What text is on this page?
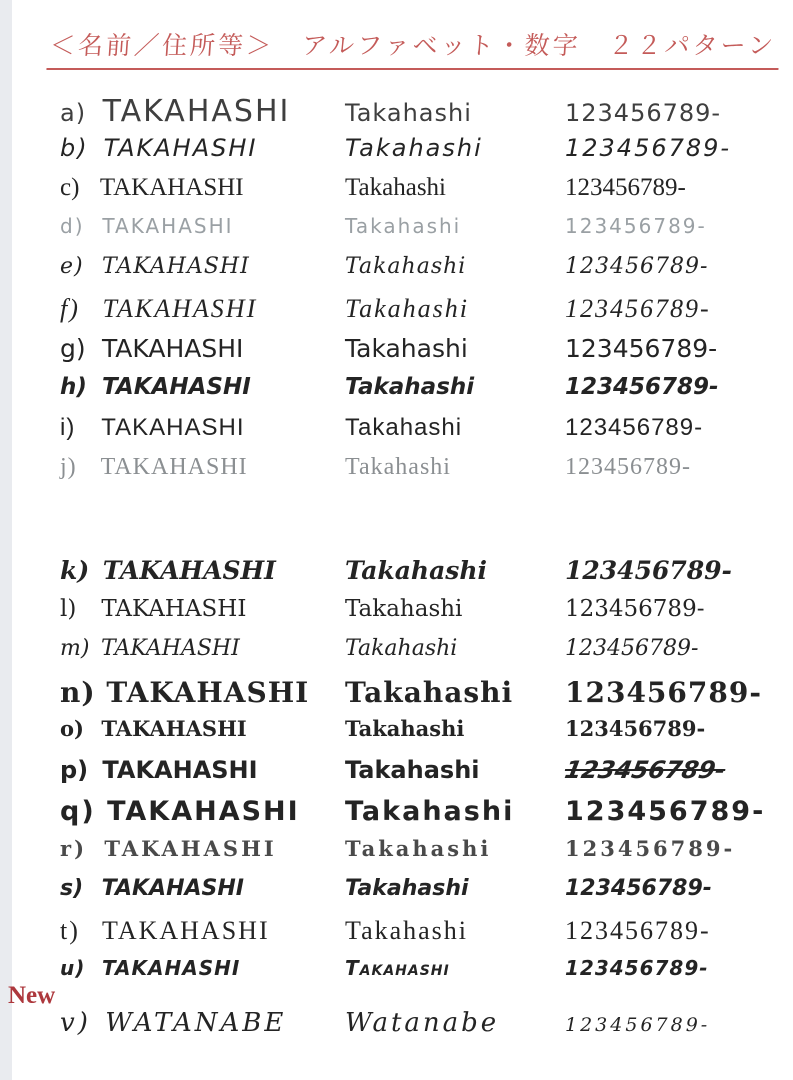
＜名前／住所等＞　アルファベット・数字　２２パターン
a) TAKAHASHI	Takahashi	123456789-
b) TAKAHASHI	Takahashi	123456789-
c) TAKAHASHI	Takahashi	123456789-
d) TAKAHASHI	Takahashi	123456789-
e) TAKAHASHI	Takahashi	123456789-
f) TAKAHASHI	Takahashi	123456789-
g) TAKAHASHI	Takahashi	123456789-
h) TAKAHASHI	Takahashi	123456789-
i) TAKAHASHI	Takahashi	123456789-
j) TAKAHASHI	Takahashi	123456789-
k) TAKAHASHI	Takahashi	123456789-
l) TAKAHASHI	Takahashi	123456789-
m) TAKAHASHI	Takahashi	123456789-
n) TAKAHASHI	Takahashi	123456789-
o) TAKAHASHI	Takahashi	123456789-
p) TAKAHASHI	Takahashi	123456789-
q) TAKAHASHI	Takahashi	123456789-
r) TAKAHASHI	Takahashi	123456789-
s) TAKAHASHI	Takahashi	123456789-
t) TAKAHASHI	Takahashi	123456789-
u) TAKAHASHI	Takahashi	123456789-
v) WATANABE	Watanabe	123456789-
New
